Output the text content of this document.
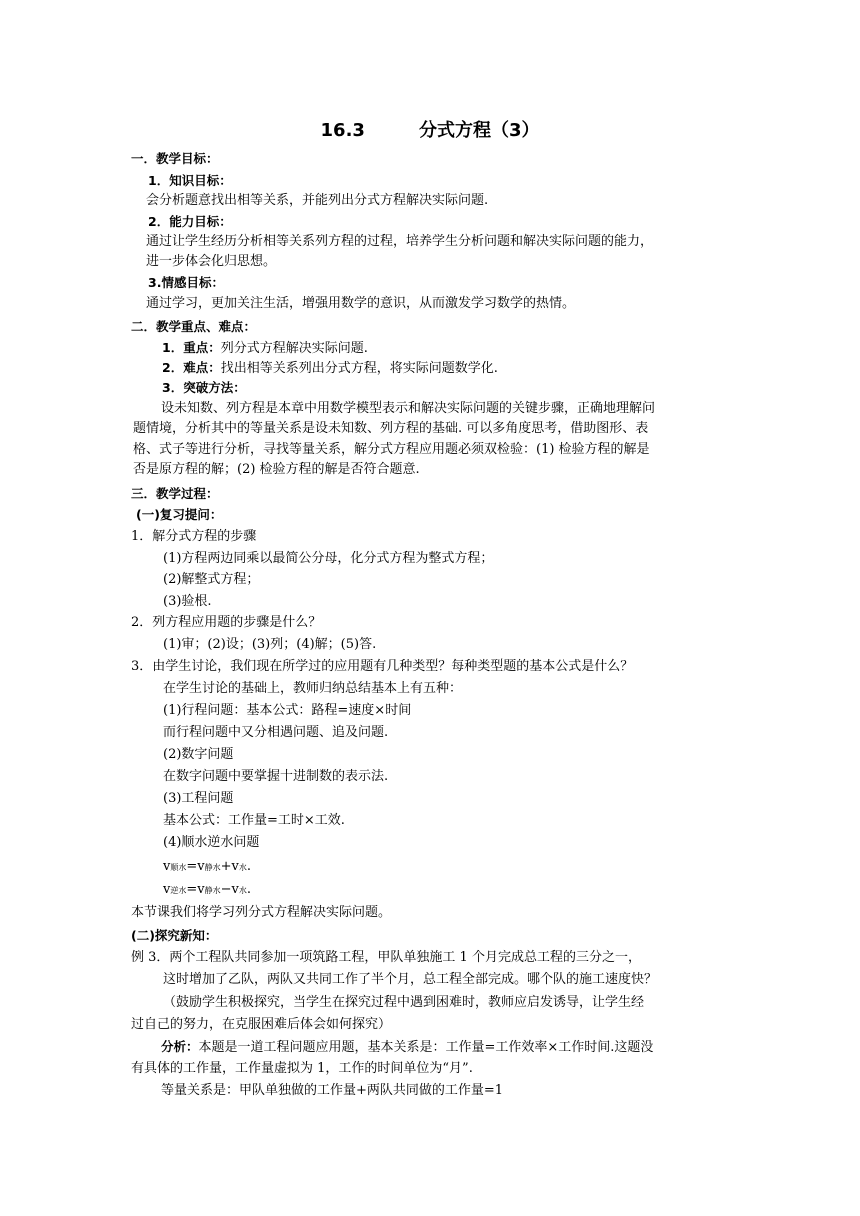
16.3　　　分式方程（3）
一．教学目标：
1．知识目标：
会分析题意找出相等关系，并能列出分式方程解决实际问题.
2．能力目标：
通过让学生经历分析相等关系列方程的过程，培养学生分析问题和解决实际问题的能力，
进一步体会化归思想。
3.情感目标：
通过学习，更加关注生活，增强用数学的意识，从而激发学习数学的热情。
二．教学重点、难点：
1．重点：列分式方程解决实际问题.
2．难点：找出相等关系列出分式方程，将实际问题数学化.
3．突破方法：
设未知数、列方程是本章中用数学模型表示和解决实际问题的关键步骤，正确地理解问
题情境，分析其中的等量关系是设未知数、列方程的基础. 可以多角度思考，借助图形、表
格、式子等进行分析，寻找等量关系，解分式方程应用题必须双检验：(1) 检验方程的解是
否是原方程的解；(2) 检验方程的解是否符合题意.
三．教学过程：
(一)复习提问：
1．解分式方程的步骤
(1)方程两边同乘以最简公分母，化分式方程为整式方程；
(2)解整式方程；
(3)验根.
2．列方程应用题的步骤是什么？
(1)审；(2)设；(3)列；(4)解；(5)答.
3．由学生讨论，我们现在所学过的应用题有几种类型？每种类型题的基本公式是什么？
在学生讨论的基础上，教师归纳总结基本上有五种：
(1)行程问题：基本公式：路程=速度×时间
而行程问题中又分相遇问题、追及问题.
(2)数字问题
在数字问题中要掌握十进制数的表示法.
(3)工程问题
基本公式：工作量=工时×工效.
(4)顺水逆水问题
v顺水=v静水+v水.
v逆水=v静水−v水.
本节课我们将学习列分式方程解决实际问题。
(二)探究新知：
例 3．两个工程队共同参加一项筑路工程，甲队单独施工 1 个月完成总工程的三分之一，
这时增加了乙队，两队又共同工作了半个月，总工程全部完成。哪个队的施工速度快？
（鼓励学生积极探究，当学生在探究过程中遇到困难时，教师应启发诱导，让学生经
过自己的努力，在克服困难后体会如何探究）
分析：本题是一道工程问题应用题，基本关系是：工作量=工作效率×工作时间.这题没
有具体的工作量，工作量虚拟为 1，工作的时间单位为“月”.
等量关系是：甲队单独做的工作量+两队共同做的工作量=1
